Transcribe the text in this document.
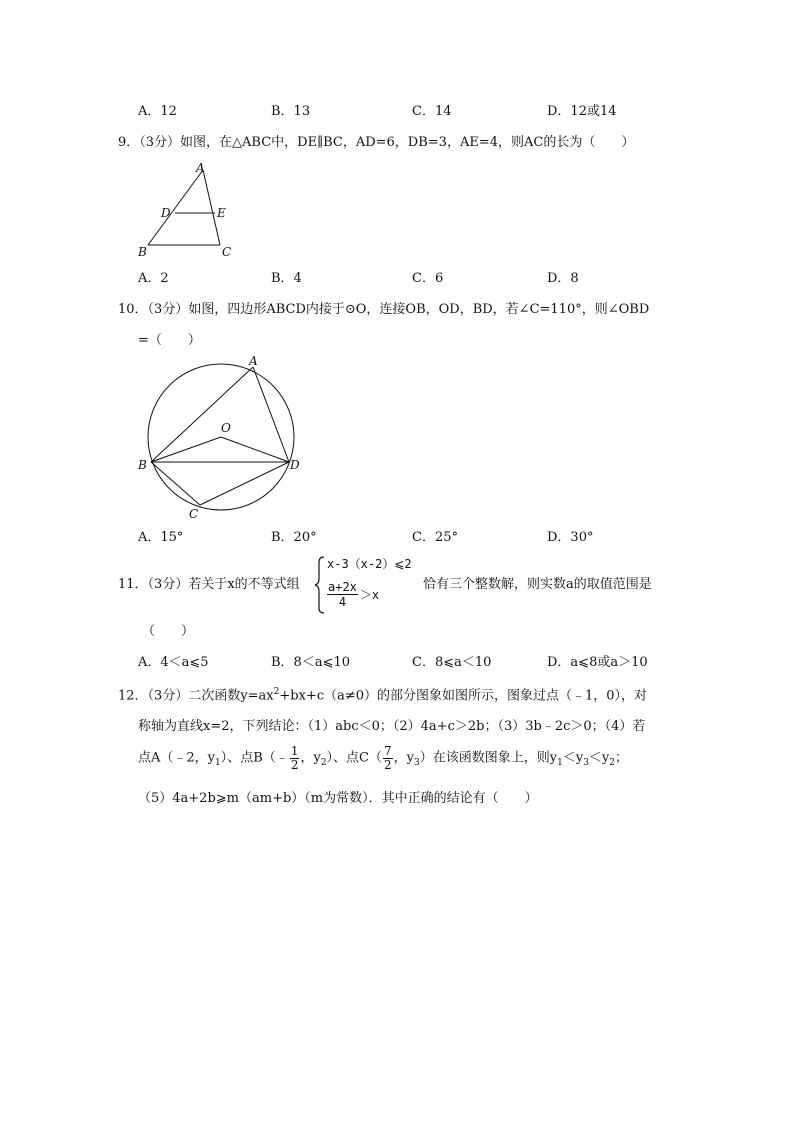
A．12	B．13	C．14	D．12或14
9．（3分）如图，在△ABC中，DE∥BC，AD=6，DB=3，AE=4，则AC的长为（　　）
A
D	E
B	C
A．2	B．4	C．6	D．8
10．（3分）如图，四边形ABCD内接于⊙O，连接OB，OD，BD，若∠C=110°，则∠OBD
=（　　）
A
O
B	D
C
A．15°	B．20°	C．25°	D．30°
11．（3分）若关于x的不等式组
x-3（x-2）⩽2
$\frac{a+2x}{4} >x$
恰有三个整数解，则实数a的取值范围是
（　　）
A．4＜a⩽5	B．8＜a⩽10	C．8⩽a＜10	D．a⩽8或a＞10
12．（3分）二次函数$y=ax^2+bx+c(a\ne 0)$的部分图象如图所示，图象过点（﹣1，0），对
称轴为直线x=2，下列结论：（1）abc＜0；（2）4a+c＞2b；（3）3b﹣2c＞0；（4）若
点A（﹣2，$y_1$）、点B（﹣ $\frac{1}{2}$ ，$y_2$）、点$C( \frac{7}{2}$ ，$y_3$）在该函数图象上，则$y_1<y_3<y_2$；
（5）4a+2b⩾m（am+b）（m为常数）．其中正确的结论有（　　）
